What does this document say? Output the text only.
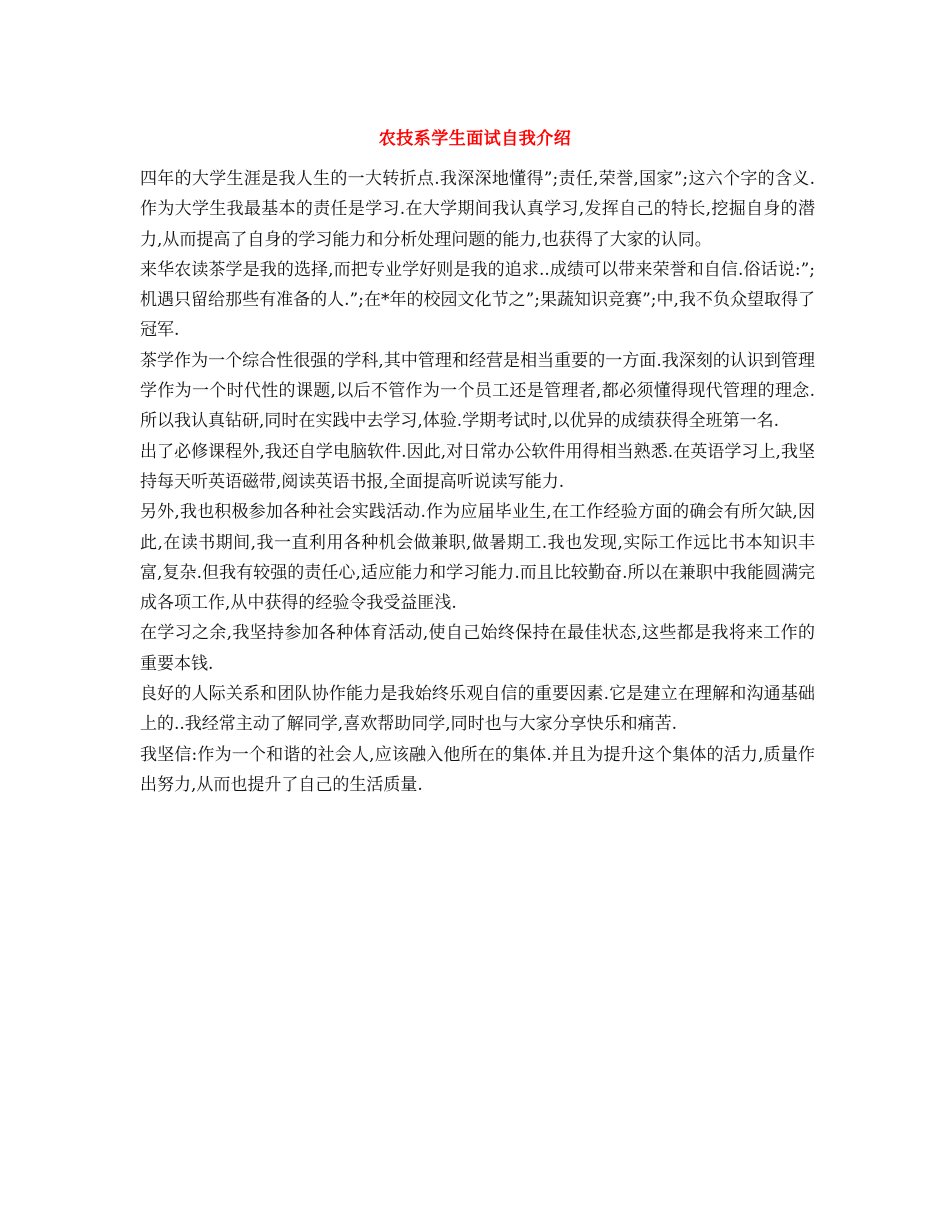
农技系学生面试自我介绍

四年的大学生涯是我人生的一大转折点.我深深地懂得”;责任,荣誉,国家”;这六个字的含义.作为大学生我最基本的责任是学习.在大学期间我认真学习,发挥自己的特长,挖掘自身的潜力,从而提高了自身的学习能力和分析处理问题的能力,也获得了大家的认同。

来华农读茶学是我的选择,而把专业学好则是我的追求..成绩可以带来荣誉和自信.俗话说:”;机遇只留给那些有准备的人.”;在*年的校园文化节之”;果蔬知识竞赛”;中,我不负众望取得了冠军.

茶学作为一个综合性很强的学科,其中管理和经营是相当重要的一方面.我深刻的认识到管理学作为一个时代性的课题,以后不管作为一个员工还是管理者,都必须懂得现代管理的理念.所以我认真钻研,同时在实践中去学习,体验.学期考试时,以优异的成绩获得全班第一名.

出了必修课程外,我还自学电脑软件.因此,对日常办公软件用得相当熟悉.在英语学习上,我坚持每天听英语磁带,阅读英语书报,全面提高听说读写能力.

另外,我也积极参加各种社会实践活动.作为应届毕业生,在工作经验方面的确会有所欠缺,因此,在读书期间,我一直利用各种机会做兼职,做暑期工.我也发现,实际工作远比书本知识丰富,复杂.但我有较强的责任心,适应能力和学习能力.而且比较勤奋.所以在兼职中我能圆满完成各项工作,从中获得的经验令我受益匪浅.

在学习之余,我坚持参加各种体育活动,使自己始终保持在最佳状态,这些都是我将来工作的重要本钱.

良好的人际关系和团队协作能力是我始终乐观自信的重要因素.它是建立在理解和沟通基础上的..我经常主动了解同学,喜欢帮助同学,同时也与大家分享快乐和痛苦.

我坚信:作为一个和谐的社会人,应该融入他所在的集体.并且为提升这个集体的活力,质量作出努力,从而也提升了自己的生活质量.
